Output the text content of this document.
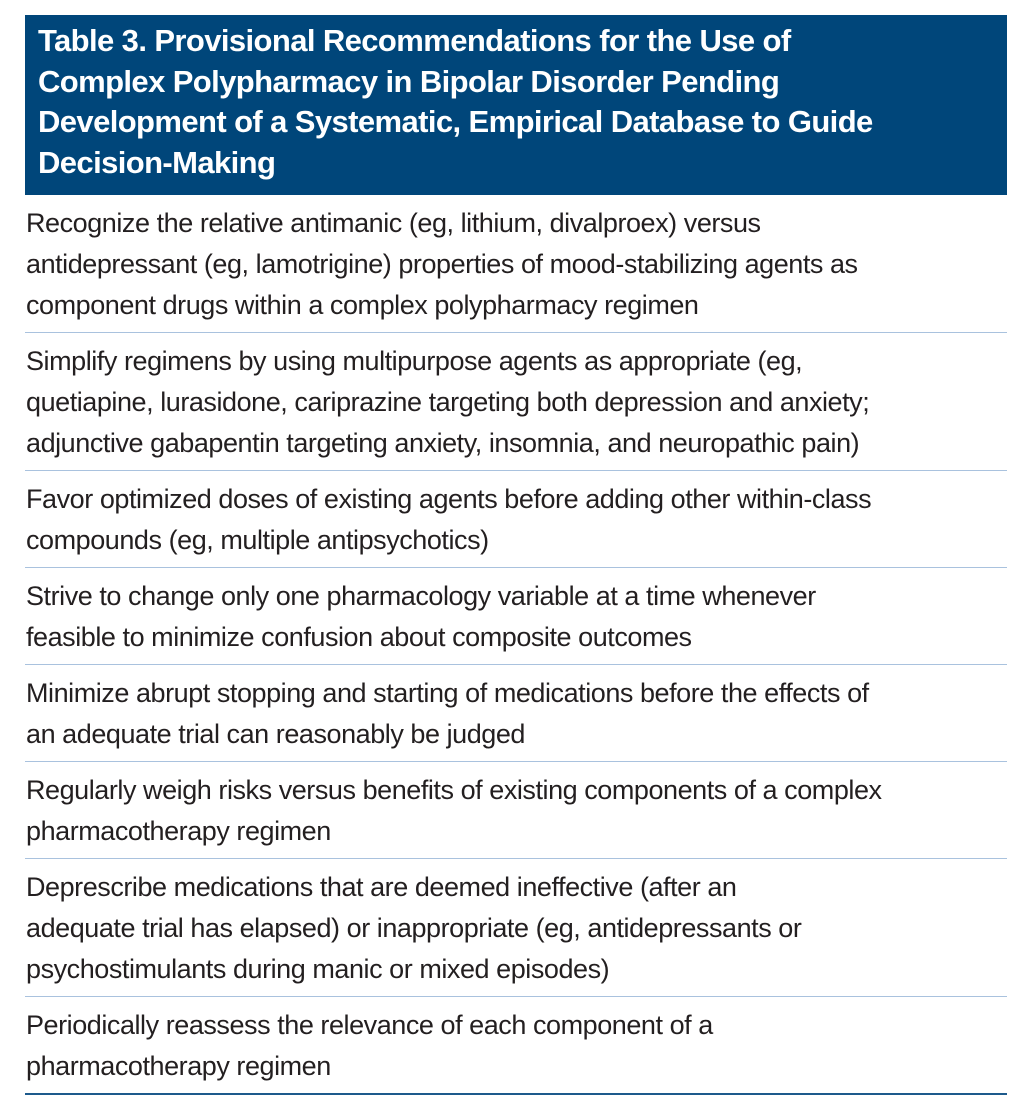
Table 3. Provisional Recommendations for the Use of
Complex Polypharmacy in Bipolar Disorder Pending
Development of a Systematic, Empirical Database to Guide
Decision-Making
Recognize the relative antimanic (eg, lithium, divalproex) versus
antidepressant (eg, lamotrigine) properties of mood-stabilizing agents as
component drugs within a complex polypharmacy regimen
Simplify regimens by using multipurpose agents as appropriate (eg,
quetiapine, lurasidone, cariprazine targeting both depression and anxiety;
adjunctive gabapentin targeting anxiety, insomnia, and neuropathic pain)
Favor optimized doses of existing agents before adding other within-class
compounds (eg, multiple antipsychotics)
Strive to change only one pharmacology variable at a time whenever
feasible to minimize confusion about composite outcomes
Minimize abrupt stopping and starting of medications before the effects of
an adequate trial can reasonably be judged
Regularly weigh risks versus benefits of existing components of a complex
pharmacotherapy regimen
Deprescribe medications that are deemed ineffective (after an
adequate trial has elapsed) or inappropriate (eg, antidepressants or
psychostimulants during manic or mixed episodes)
Periodically reassess the relevance of each component of a
pharmacotherapy regimen
